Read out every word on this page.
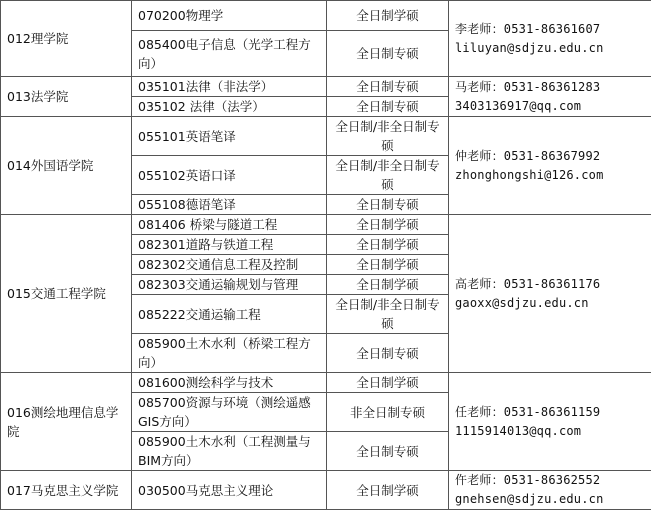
012理学院	070200物理学	全日制学硕	李老师：0531-86361607
liluyan@sdjzu.edu.cn

	085400电子信息（光学工程方向）	全日制专硕	
013法学院	035101法律（非法学）	全日制专硕	马老师：0531-86361283
3403136917@qq.com

	035102 法律（法学）	全日制专硕	
014外国语学院	055101英语笔译	全日制/非全日制专硕	仲老师：0531-86367992
zhonghongshi@126.com

	055102英语口译	全日制/非全日制专硕	
	055108德语笔译	全日制专硕	
015交通工程学院	081406 桥梁与隧道工程	全日制学硕	高老师：0531-86361176
gaoxx@sdjzu.edu.cn

	082301道路与铁道工程	全日制学硕	
	082302交通信息工程及控制	全日制学硕	
	082303交通运输规划与管理	全日制学硕	
	085222交通运输工程	全日制/非全日制专硕	
	085900土木水利（桥梁工程方向）	全日制专硕	
016测绘地理信息学院	081600测绘科学与技术	全日制学硕	任老师：0531-86361159
1115914013@qq.com

	085700资源与环境（测绘遥感GIS方向）	非全日制专硕	
	085900土木水利（工程测量与BIM方向）	全日制专硕	
017马克思主义学院	030500马克思主义理论	全日制学硕	仵老师：0531-86362552
gnehsen@sdjzu.edu.cn
